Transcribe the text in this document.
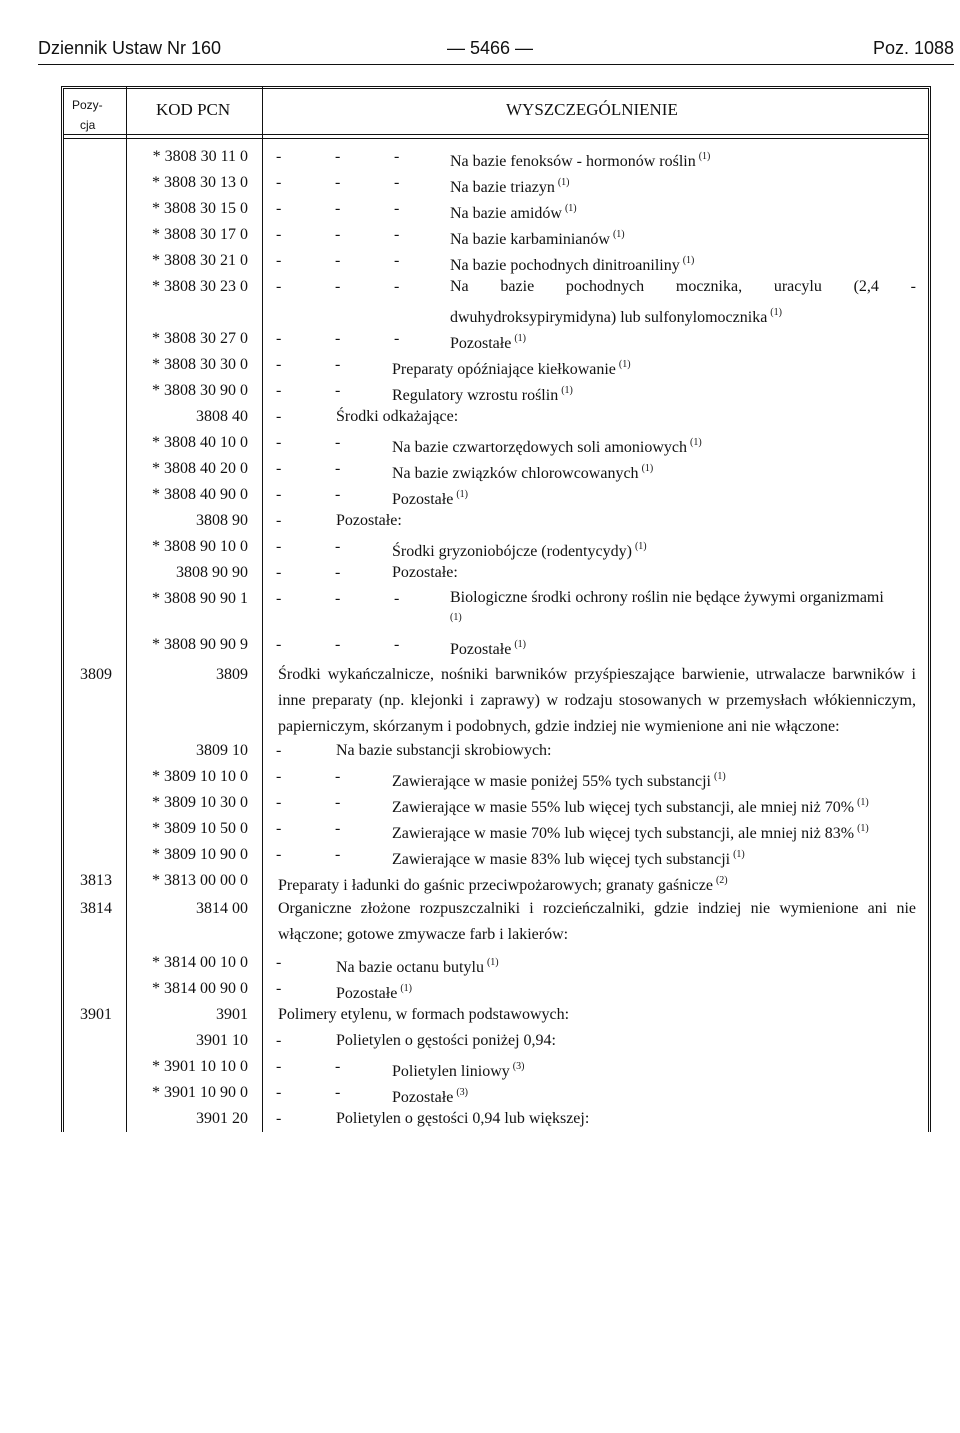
Dziennik Ustaw Nr 160	— 5466 —	Poz. 1088
Pozy-
cja
KOD PCN	WYSZCZEGÓLNIENIE
* 3808 30 11 0 -	-	-	Na bazie fenoksów - hormonów roślin $^{(1)}$
* 3808 30 13 0 -	-	-	Na bazie triazyn $^{(1)}$
* 3808 30 15 0 -	-	-	Na bazie amidów $^{(1)}$
* 3808 30 17 0 -	-	-	Na bazie karbaminianów $^{(1)}$
* 3808 30 21 0 -	-	-	Na bazie pochodnych dinitroaniliny $^{(1)}$
* 3808 30 23 0 -	-	-	Na bazie pochodnych mocznika, uracylu (2,4 -
dwuhydroksypirymidyna) lub sulfonylomocznika $^{(1)}$
* 3808 30 27 0 -	-	-	Pozostałe $^{(1)}$
* 3808 30 30 0 -	-	Preparaty opóźniające kiełkowanie $^{(1)}$
* 3808 30 90 0 -	-	Regulatory wzrostu roślin $^{(1)}$
3808 40 -	Środki odkażające:
* 3808 40 10 0 -	-	Na bazie czwartorzędowych soli amoniowych $^{(1)}$
* 3808 40 20 0 -	-	Na bazie związków chlorowcowanych $^{(1)}$
* 3808 40 90 0 -	-	Pozostałe $^{(1)}$
3808 90 -	Pozostałe:
* 3808 90 10 0 -	-	Środki gryzoniobójcze (rodentycydy) $^{(1)}$
3808 90 90 -	-	Pozostałe:
* 3808 90 90 1 -	-	-	Biologiczne środki ochrony roślin nie będące żywymi organizmami
(1)
* 3808 90 90 9 -	-	-	Pozostałe $^{(1)}$
3809	3809 Środki wykańczalnicze, nośniki barwników przyśpieszające barwienie, utrwalacze barwników i inne preparaty (np. klejonki i zaprawy) w rodzaju stosowanych w przemysłach włókienniczym, papierniczym, skórzanym i podobnych, gdzie indziej nie wymienione ani nie włączone:
3809 10 -	Na bazie substancji skrobiowych:
* 3809 10 10 0 -	-	Zawierające w masie poniżej 55% tych substancji $^{(1)}$
* 3809 10 30 0 -	-	Zawierające w masie 55% lub więcej tych substancji, ale mniej niż 70% $^{(1)}$
* 3809 10 50 0 -	-	Zawierające w masie 70% lub więcej tych substancji, ale mniej niż 83% $^{(1)}$
* 3809 10 90 0 -	-	Zawierające w masie 83% lub więcej tych substancji $^{(1)}$
3813	* 3813 00 00 0 Preparaty i ładunki do gaśnic przeciwpożarowych; granaty gaśnicze $^{(2)}$
3814	3814 00 Organiczne złożone rozpuszczalniki i rozcieńczalniki, gdzie indziej nie wymienione ani nie włączone; gotowe zmywacze farb i lakierów:
* 3814 00 10 0 -	Na bazie octanu butylu $^{(1)}$
* 3814 00 90 0 -	Pozostałe $^{(1)}$
3901	3901 Polimery etylenu, w formach podstawowych:
3901 10 -	Polietylen o gęstości poniżej 0,94:
* 3901 10 10 0 -	-	Polietylen liniowy $^{(3)}$
* 3901 10 90 0 -	-	Pozostałe $^{(3)}$
3901 20 -	Polietylen o gęstości 0,94 lub większej:
